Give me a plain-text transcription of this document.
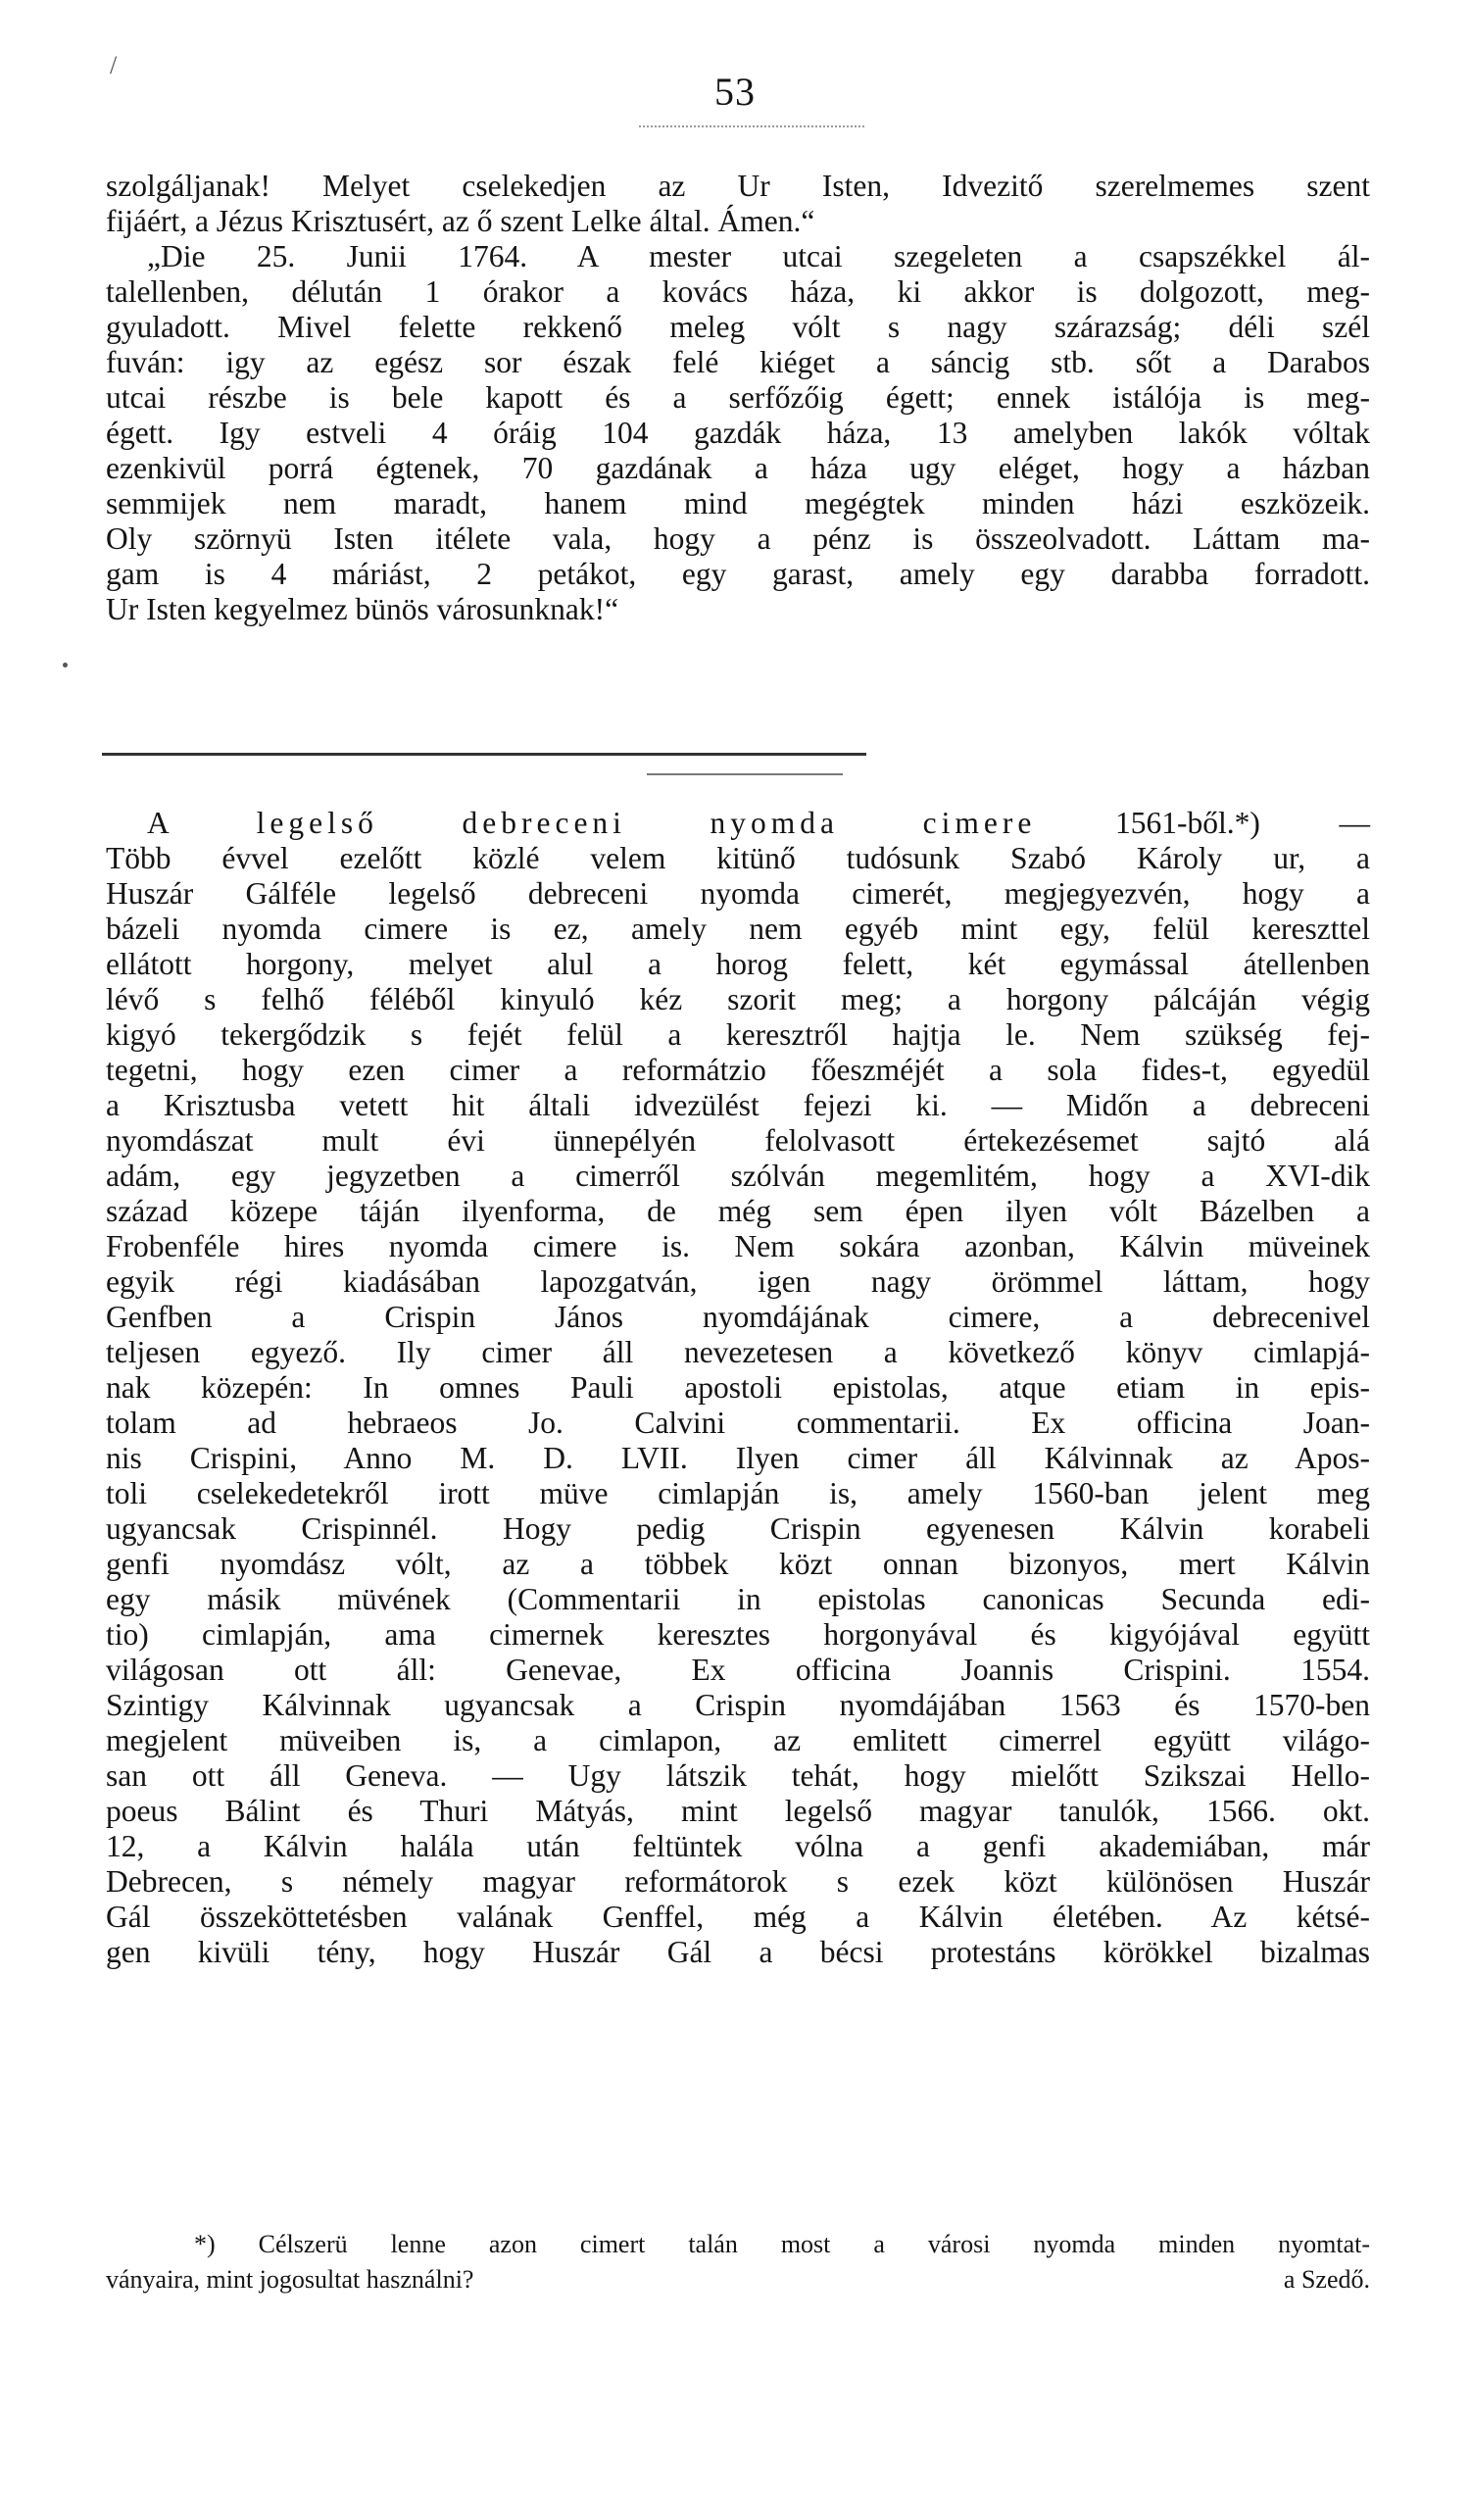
/
53
szolgáljanak! Melyet cselekedjen az Ur Isten, Idvezitő szerelmemes szent
fijáért, a Jézus Krisztusért, az ő szent Lelke által. Ámen.“
„Die 25. Junii 1764. A mester utcai szegeleten a csapszékkel ál-
talellenben, délután 1 órakor a kovács háza, ki akkor is dolgozott, meg-
gyuladott. Mivel felette rekkenő meleg vólt s nagy szárazság; déli szél
fuván: igy az egész sor észak felé kiéget a sáncig stb. sőt a Darabos
utcai részbe is bele kapott és a serfőzőig égett; ennek istálója is meg-
égett. Igy estveli 4 óráig 104 gazdák háza, 13 amelyben lakók vóltak
ezenkivül porrá égtenek, 70 gazdának a háza ugy eléget, hogy a házban
semmijek nem maradt, hanem mind megégtek minden házi eszközeik.
Oly szörnyü Isten itélete vala, hogy a pénz is összeolvadott. Láttam ma-
gam is 4 máriást, 2 petákot, egy garast, amely egy darabba forradott.
Ur Isten kegyelmez bünös városunknak!“
A legelső debreceni nyomda cimere	1561-ből.*) —
Több évvel ezelőtt közlé velem kitünő tudósunk Szabó Károly ur, a
Huszár Gálféle legelső debreceni nyomda cimerét, megjegyezvén, hogy a
bázeli nyomda cimere is ez, amely nem egyéb mint egy, felül kereszttel
ellátott horgony, melyet alul a horog felett, két egymással átellenben
lévő s felhő féléből kinyuló kéz szorit meg; a horgony pálcáján végig
kigyó tekergődzik s fejét felül a keresztről hajtja le. Nem szükség fej-
tegetni, hogy ezen cimer a reformátzio főeszméjét a sola fides-t, egyedül
a Krisztusba vetett hit általi idvezülést fejezi ki. — Midőn a debreceni
nyomdászat mult évi ünnepélyén felolvasott értekezésemet sajtó alá
adám, egy jegyzetben a cimerről szólván megemlitém, hogy a XVI-dik
század közepe táján ilyenforma, de még sem épen ilyen vólt Bázelben a
Frobenféle hires nyomda cimere is. Nem sokára azonban, Kálvin müveinek
egyik régi kiadásában lapozgatván, igen nagy örömmel láttam, hogy
Genfben a Crispin János nyomdájának cimere, a debrecenivel
teljesen egyező. Ily cimer áll nevezetesen a következő könyv cimlapjá-
nak közepén: In omnes Pauli apostoli epistolas, atque etiam in epis-
tolam ad hebraeos Jo. Calvini commentarii. Ex officina Joan-
nis Crispini, Anno M. D. LVII. Ilyen cimer áll Kálvinnak az Apos-
toli cselekedetekről irott müve cimlapján is, amely 1560-ban jelent meg
ugyancsak Crispinnél. Hogy pedig Crispin egyenesen Kálvin korabeli
genfi nyomdász vólt, az a többek közt onnan bizonyos, mert Kálvin
egy másik müvének (Commentarii in epistolas canonicas Secunda edi-
tio) cimlapján, ama cimernek keresztes horgonyával és kigyójával együtt
világosan ott áll: Genevae, Ex officina Joannis Crispini. 1554.
Szintigy Kálvinnak ugyancsak a Crispin nyomdájában 1563 és 1570-ben
megjelent müveiben is, a cimlapon, az emlitett cimerrel együtt világo-
san ott áll Geneva. — Ugy látszik tehát, hogy mielőtt Szikszai Hello-
poeus Bálint és Thuri Mátyás, mint legelső magyar tanulók, 1566. okt.
12, a Kálvin halála után feltüntek vólna a genfi akademiában, már
Debrecen, s némely magyar reformátorok s ezek közt különösen Huszár
Gál összeköttetésben valának Genffel, még a Kálvin életében. Az kétsé-
gen kivüli tény, hogy Huszár Gál a bécsi protestáns körökkel bizalmas
*) Célszerü lenne azon cimert talán most a városi nyomda minden nyomtat-
ványaira, mint jogosultat használni?	a Szedő.
